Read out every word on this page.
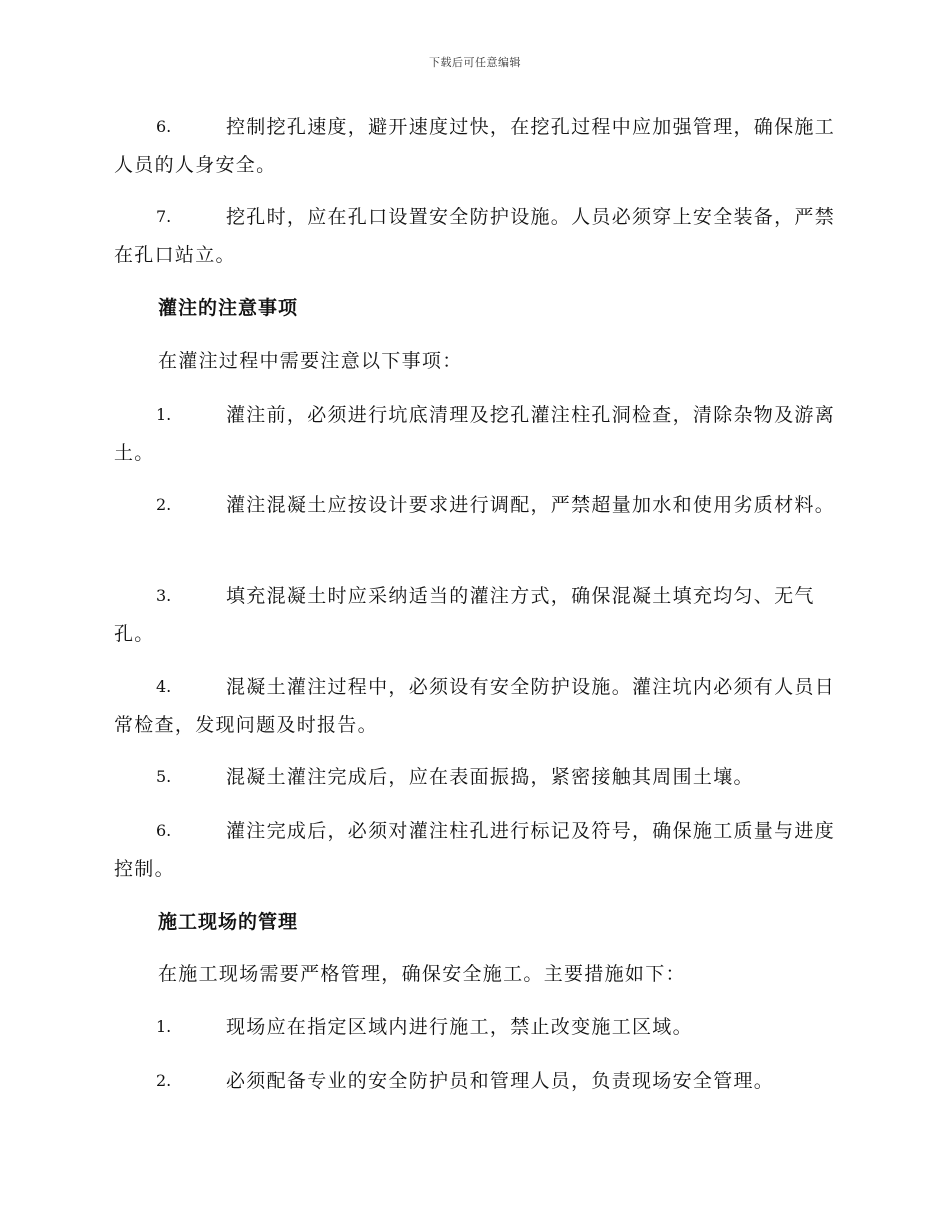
下载后可任意编辑
6.	控制挖孔速度，避开速度过快，在挖孔过程中应加强管理，确保施工人员的人身安全。
7.	挖孔时，应在孔口设置安全防护设施。人员必须穿上安全装备，严禁在孔口站立。
灌注的注意事项
在灌注过程中需要注意以下事项：
1.	灌注前，必须进行坑底清理及挖孔灌注柱孔洞检查，清除杂物及游离土。
2.	灌注混凝土应按设计要求进行调配，严禁超量加水和使用劣质材料。
3.	填充混凝土时应采纳适当的灌注方式，确保混凝土填充均匀、无气孔。
4.	混凝土灌注过程中，必须设有安全防护设施。灌注坑内必须有人员日常检查，发现问题及时报告。
5.	混凝土灌注完成后，应在表面振捣，紧密接触其周围土壤。
6.	灌注完成后，必须对灌注柱孔进行标记及符号，确保施工质量与进度控制。
施工现场的管理
在施工现场需要严格管理，确保安全施工。主要措施如下：
1.	现场应在指定区域内进行施工，禁止改变施工区域。
2.	必须配备专业的安全防护员和管理人员，负责现场安全管理。
